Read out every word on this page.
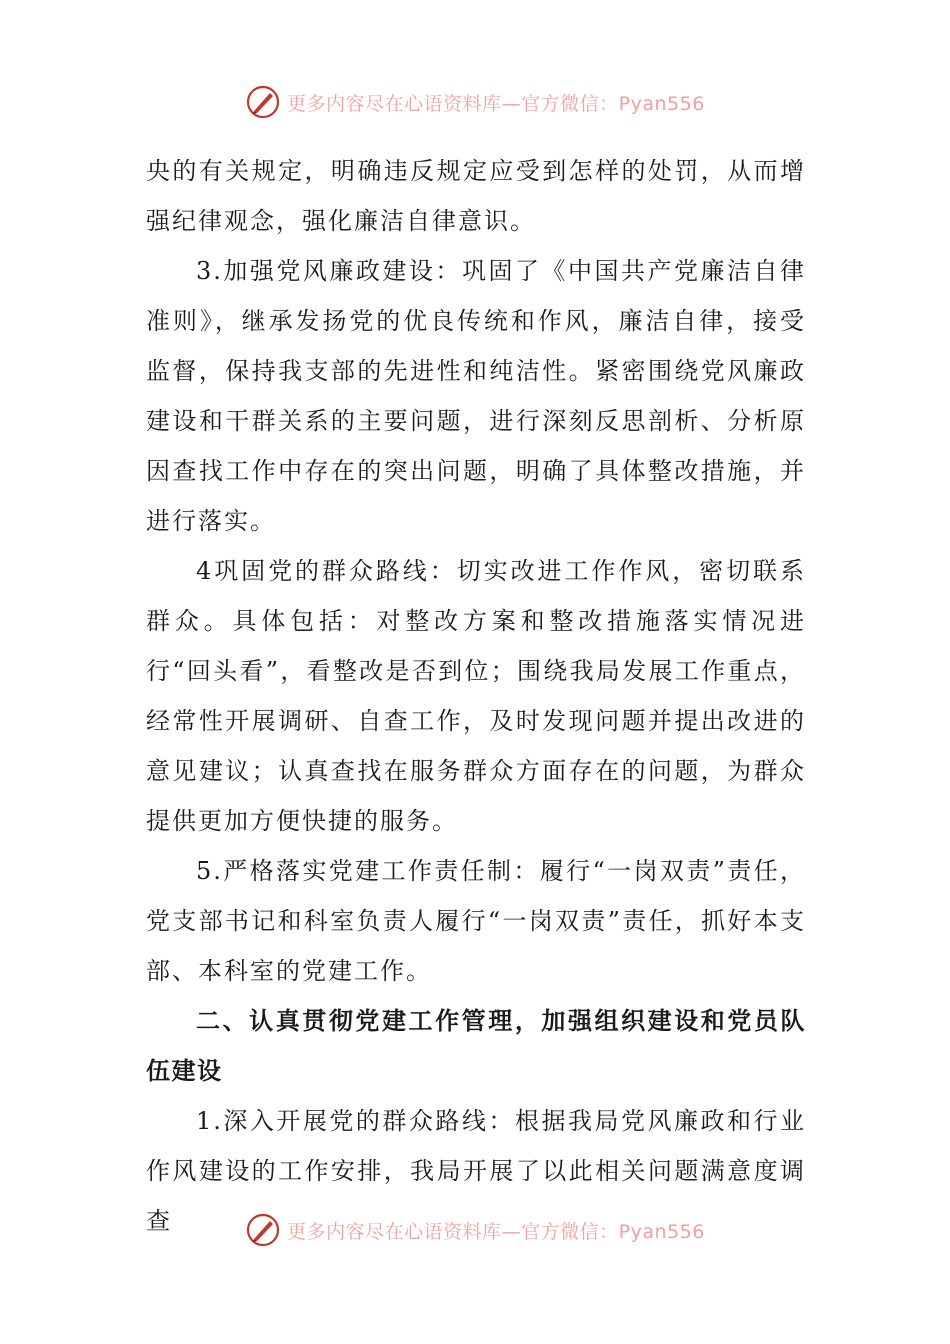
更多内容尽在心语资料库—官方微信：Pyan556

央的有关规定，明确违反规定应受到怎样的处罚，从而增强纪律观念，强化廉洁自律意识。

3.加强党风廉政建设：巩固了《中国共产党廉洁自律准则》，继承发扬党的优良传统和作风，廉洁自律，接受监督，保持我支部的先进性和纯洁性。紧密围绕党风廉政建设和干群关系的主要问题，进行深刻反思剖析、分析原因查找工作中存在的突出问题，明确了具体整改措施，并进行落实。

4巩固党的群众路线：切实改进工作作风，密切联系群众。具体包括：对整改方案和整改措施落实情况进行“回头看”，看整改是否到位；围绕我局发展工作重点，经常性开展调研、自查工作，及时发现问题并提出改进的意见建议；认真查找在服务群众方面存在的问题，为群众提供更加方便快捷的服务。

5.严格落实党建工作责任制：履行“一岗双责”责任，党支部书记和科室负责人履行“一岗双责”责任，抓好本支部、本科室的党建工作。

二、认真贯彻党建工作管理，加强组织建设和党员队伍建设

1.深入开展党的群众路线：根据我局党风廉政和行业作风建设的工作安排，我局开展了以此相关问题满意度调查	更多内容尽在心语资料库—官方微信：Pyan556
